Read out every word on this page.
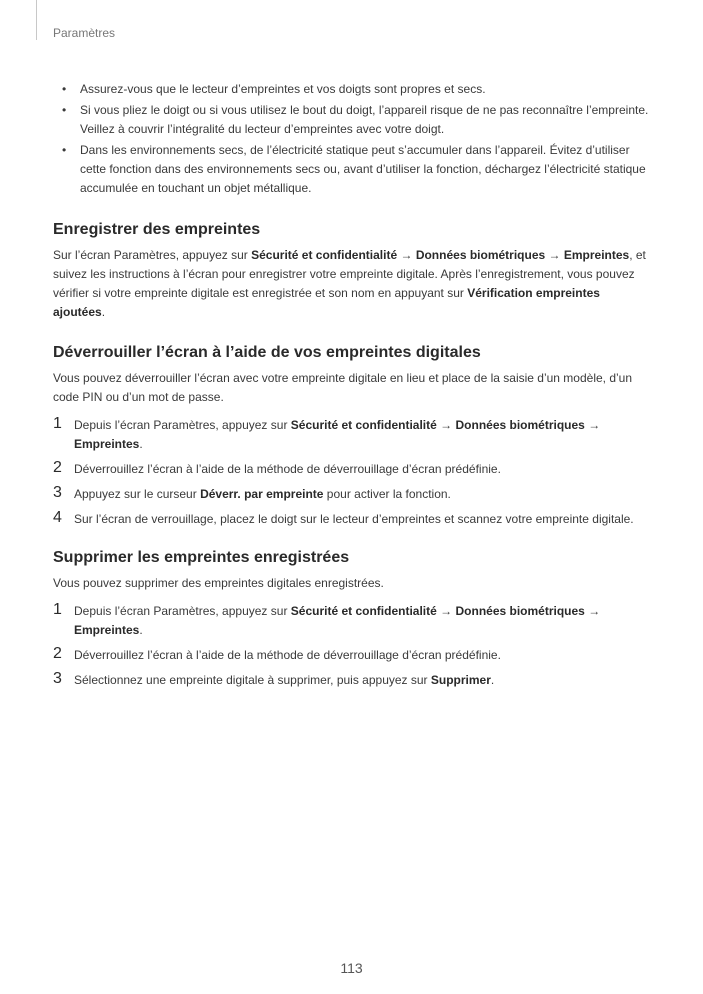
Paramètres
• Assurez-vous que le lecteur d’empreintes et vos doigts sont propres et secs.
• Si vous pliez le doigt ou si vous utilisez le bout du doigt, l’appareil risque de ne pas reconnaître l’empreinte. Veillez à couvrir l’intégralité du lecteur d’empreintes avec votre doigt.
• Dans les environnements secs, de l’électricité statique peut s’accumuler dans l’appareil. Évitez d’utiliser cette fonction dans des environnements secs ou, avant d’utiliser la fonction, déchargez l’électricité statique accumulée en touchant un objet métallique.
Enregistrer des empreintes

Sur l’écran Paramètres, appuyez sur Sécurité et confidentialité → Données biométriques → Empreintes, et suivez les instructions à l’écran pour enregistrer votre empreinte digitale. Après l’enregistrement, vous pouvez vérifier si votre empreinte digitale est enregistrée et son nom en appuyant sur Vérification empreintes ajoutées.

Déverrouiller l’écran à l’aide de vos empreintes digitales

Vous pouvez déverrouiller l’écran avec votre empreinte digitale en lieu et place de la saisie d’un modèle, d’un code PIN ou d’un mot de passe.

1 Depuis l’écran Paramètres, appuyez sur Sécurité et confidentialité → Données biométriques → Empreintes.
2 Déverrouillez l’écran à l’aide de la méthode de déverrouillage d’écran prédéfinie.
3 Appuyez sur le curseur Déverr. par empreinte pour activer la fonction.
4 Sur l’écran de verrouillage, placez le doigt sur le lecteur d’empreintes et scannez votre empreinte digitale.
Supprimer les empreintes enregistrées

Vous pouvez supprimer des empreintes digitales enregistrées.

1 Depuis l’écran Paramètres, appuyez sur Sécurité et confidentialité → Données biométriques → Empreintes.
2 Déverrouillez l’écran à l’aide de la méthode de déverrouillage d’écran prédéfinie.
3 Sélectionnez une empreinte digitale à supprimer, puis appuyez sur Supprimer.
113
